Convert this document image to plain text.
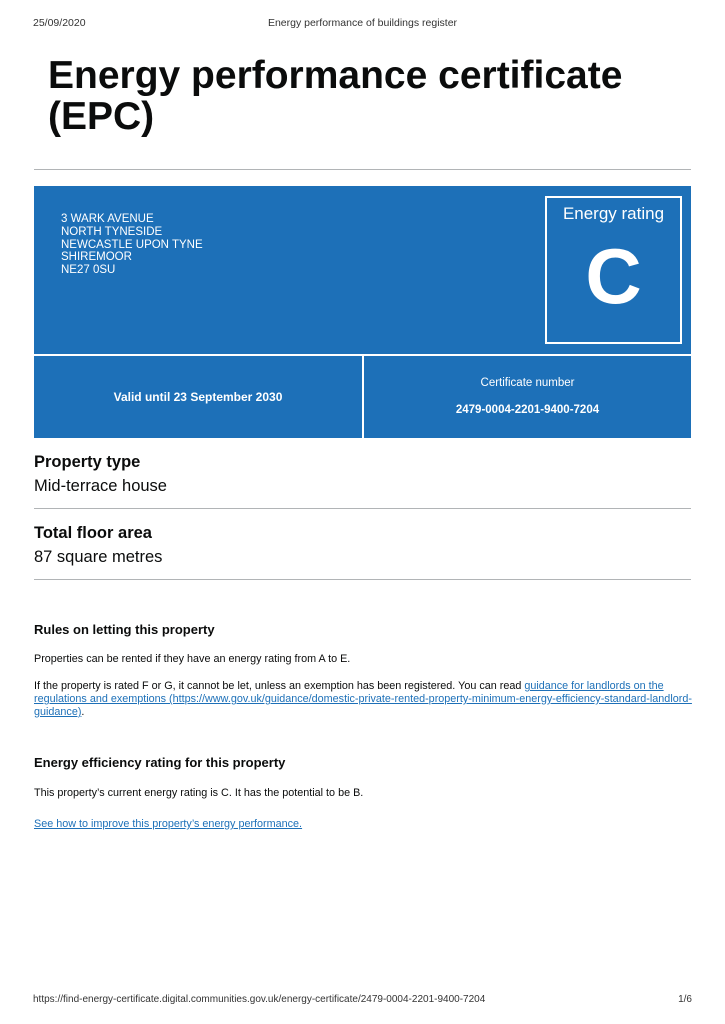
25/09/2020	Energy performance of buildings register
Energy performance certificate (EPC)
3 WARK AVENUE
NORTH TYNESIDE
NEWCASTLE UPON TYNE
SHIREMOOR
NE27 0SU
Energy rating
C
Valid until 23 September 2030
Certificate number
2479-0004-2201-9400-7204
Property type
Mid-terrace house
Total floor area
87 square metres
Rules on letting this property

Properties can be rented if they have an energy rating from A to E.

If the property is rated F or G, it cannot be let, unless an exemption has been registered. You can read guidance for landlords on the regulations and exemptions (https://www.gov.uk/guidance/domestic-private-rented-property-minimum-energy-efficiency-standard-landlord-guidance).

Energy efficiency rating for this property

This property’s current energy rating is C. It has the potential to be B.

See how to improve this property’s energy performance.

https://find-energy-certificate.digital.communities.gov.uk/energy-certificate/2479-0004-2201-9400-7204	1/6
